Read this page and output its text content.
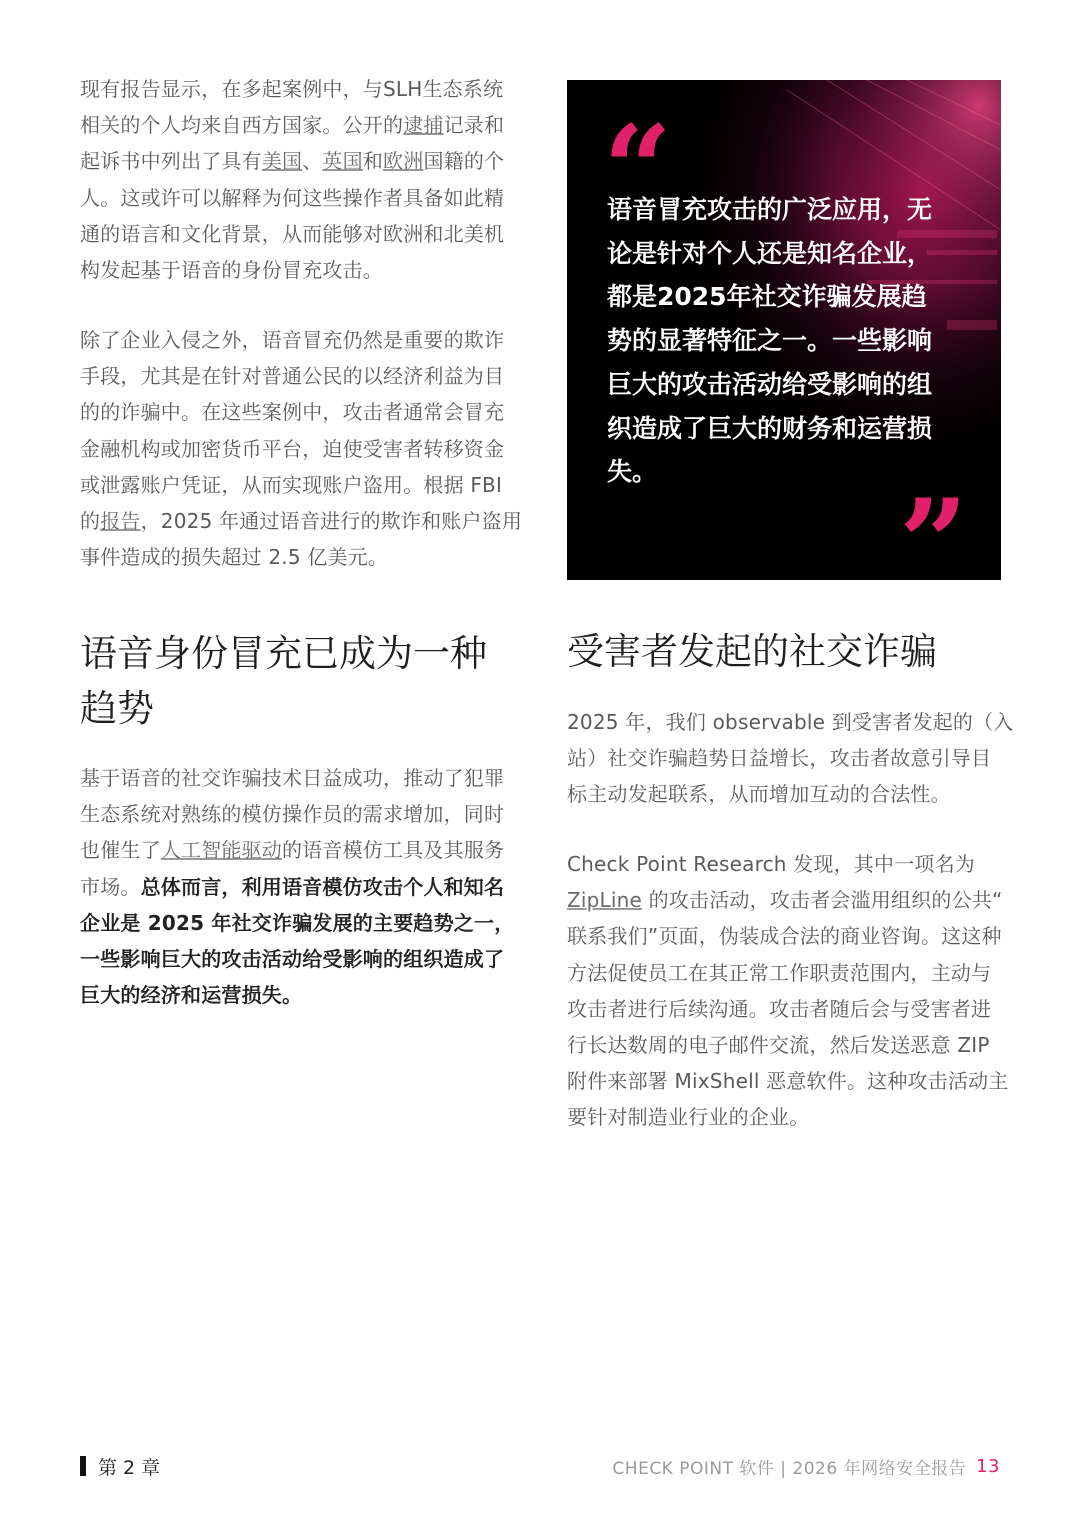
现有报告显示，在多起案例中，与SLH生态系统
相关的个人均来自西方国家。公开的逮捕记录和
起诉书中列出了具有美国、英国和欧洲国籍的个
人。这或许可以解释为何这些操作者具备如此精
通的语言和文化背景，从而能够对欧洲和北美机
构发起基于语音的身份冒充攻击。
除了企业入侵之外，语音冒充仍然是重要的欺诈
手段，尤其是在针对普通公民的以经济利益为目
的的诈骗中。在这些案例中，攻击者通常会冒充
金融机构或加密货币平台，迫使受害者转移资金
或泄露账户凭证，从而实现账户盗用。根据 FBI
的报告，2025 年通过语音进行的欺诈和账户盗用
事件造成的损失超过 2.5 亿美元。
语音身份冒充已成为一种
趋势
基于语音的社交诈骗技术日益成功，推动了犯罪
生态系统对熟练的模仿操作员的需求增加，同时
也催生了人工智能驱动的语音模仿工具及其服务
市场。总体而言，利用语音模仿攻击个人和知名
企业是 2025 年社交诈骗发展的主要趋势之一，
一些影响巨大的攻击活动给受影响的组织造成了
巨大的经济和运营损失。
“
语音冒充攻击的广泛应用，无
论是针对个人还是知名企业，
都是2025年社交诈骗发展趋
势的显著特征之一。一些影响
巨大的攻击活动给受影响的组
织造成了巨大的财务和运营损
失。
”
受害者发起的社交诈骗
2025 年，我们 observable 到受害者发起的（入
站）社交诈骗趋势日益增长，攻击者故意引导目
标主动发起联系，从而增加互动的合法性。
Check Point Research 发现，其中一项名为
ZipLine 的攻击活动，攻击者会滥用组织的公共“
联系我们”页面，伪装成合法的商业咨询。这这种
方法促使员工在其正常工作职责范围内，主动与
攻击者进行后续沟通。攻击者随后会与受害者进
行长达数周的电子邮件交流，然后发送恶意 ZIP
附件来部署 MixShell 恶意软件。这种攻击活动主
要针对制造业行业的企业。
第 2 章	CHECK POINT 软件 | 2026 年网络安全报告 13
